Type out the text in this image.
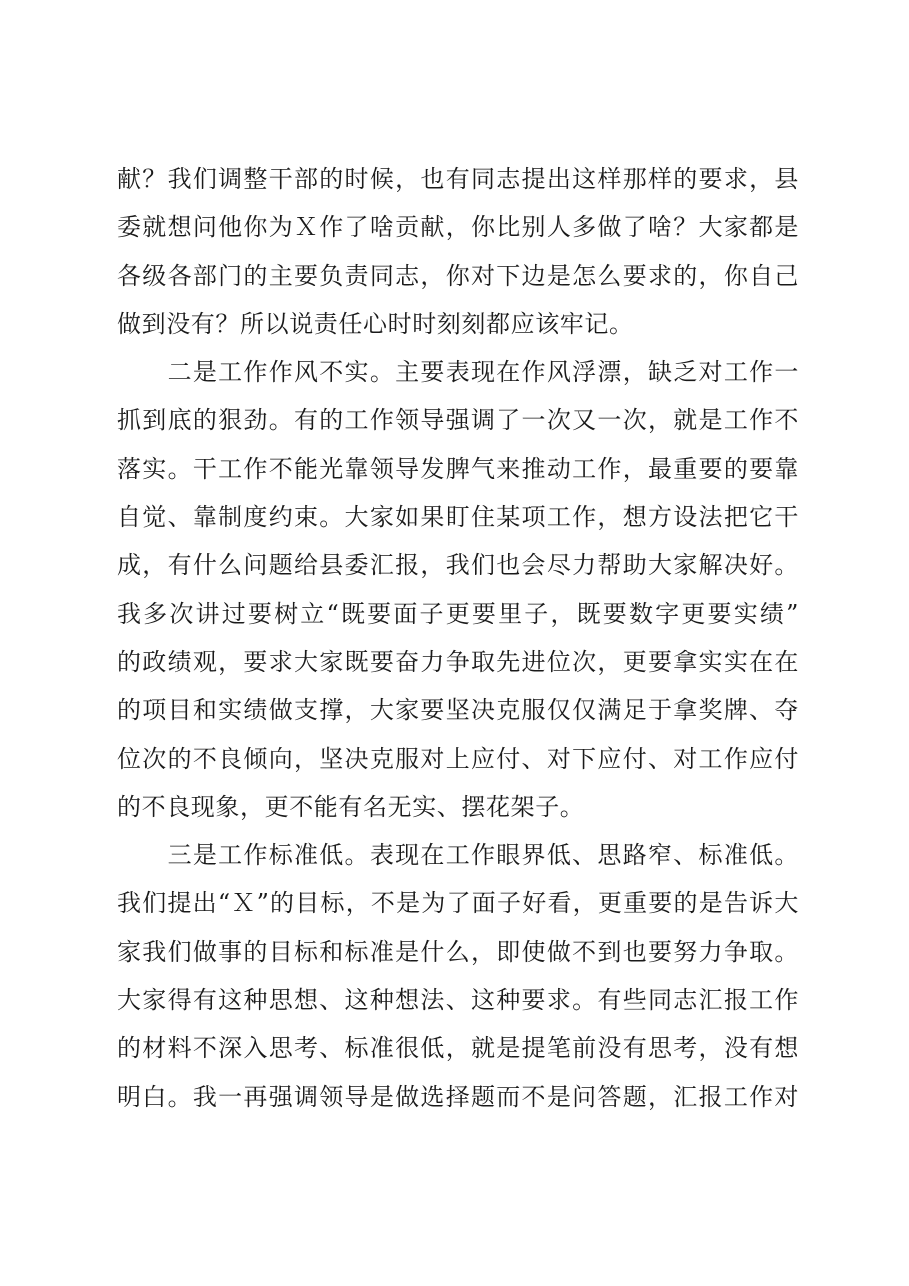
献？我们调整干部的时候，也有同志提出这样那样的要求，县
委就想问他你为Ｘ作了啥贡献，你比别人多做了啥？大家都是
各级各部门的主要负责同志，你对下边是怎么要求的，你自己
做到没有？所以说责任心时时刻刻都应该牢记。
　　二是工作作风不实。主要表现在作风浮漂，缺乏对工作一
抓到底的狠劲。有的工作领导强调了一次又一次，就是工作不
落实。干工作不能光靠领导发脾气来推动工作，最重要的要靠
自觉、靠制度约束。大家如果盯住某项工作，想方设法把它干
成，有什么问题给县委汇报，我们也会尽力帮助大家解决好。
我多次讲过要树立“既要面子更要里子，既要数字更要实绩”
的政绩观，要求大家既要奋力争取先进位次，更要拿实实在在
的项目和实绩做支撑，大家要坚决克服仅仅满足于拿奖牌、夺
位次的不良倾向，坚决克服对上应付、对下应付、对工作应付
的不良现象，更不能有名无实、摆花架子。
　　三是工作标准低。表现在工作眼界低、思路窄、标准低。
我们提出“Ｘ”的目标，不是为了面子好看，更重要的是告诉大
家我们做事的目标和标准是什么，即使做不到也要努力争取。
大家得有这种思想、这种想法、这种要求。有些同志汇报工作
的材料不深入思考、标准很低，就是提笔前没有思考，没有想
明白。我一再强调领导是做选择题而不是问答题，汇报工作对
